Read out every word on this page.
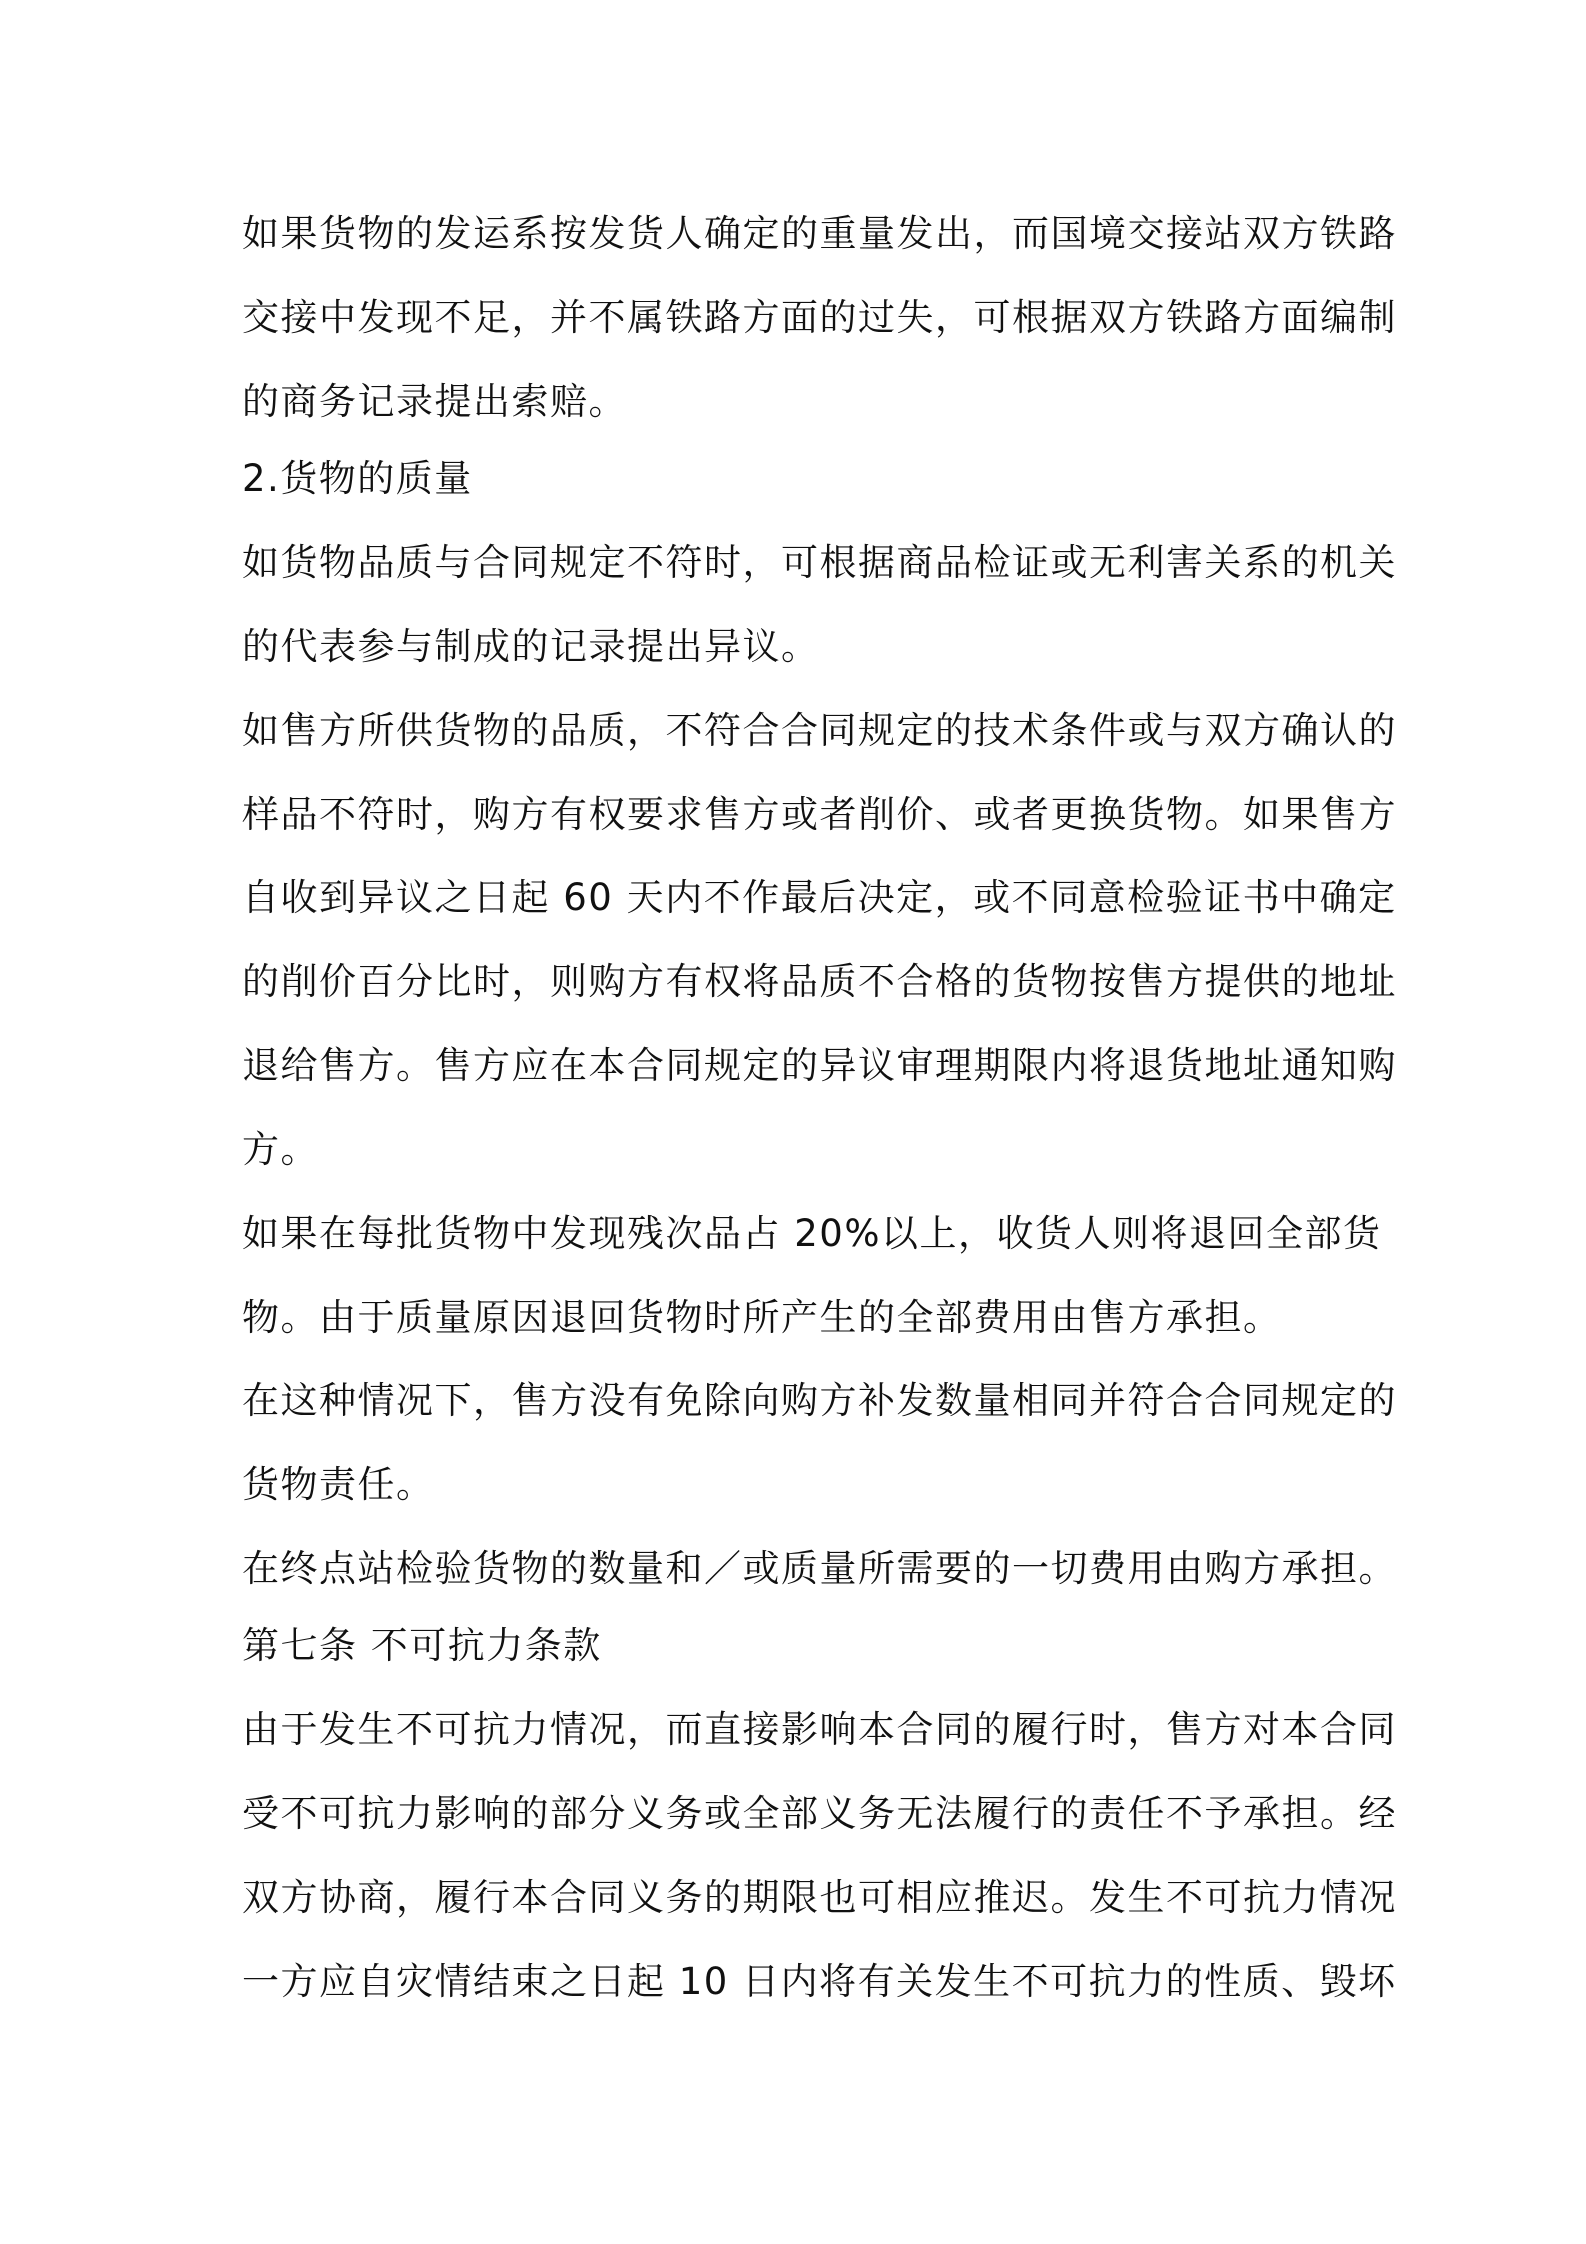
如果货物的发运系按发货人确定的重量发出，而国境交接站双方铁路
交接中发现不足，并不属铁路方面的过失，可根据双方铁路方面编制
的商务记录提出索赔。
2.货物的质量
如货物品质与合同规定不符时，可根据商品检证或无利害关系的机关
的代表参与制成的记录提出异议。
如售方所供货物的品质，不符合合同规定的技术条件或与双方确认的
样品不符时，购方有权要求售方或者削价、或者更换货物。如果售方
自收到异议之日起 60 天内不作最后决定，或不同意检验证书中确定
的削价百分比时，则购方有权将品质不合格的货物按售方提供的地址
退给售方。售方应在本合同规定的异议审理期限内将退货地址通知购
方。
如果在每批货物中发现残次品占 20%以上，收货人则将退回全部货
物。由于质量原因退回货物时所产生的全部费用由售方承担。
在这种情况下，售方没有免除向购方补发数量相同并符合合同规定的
货物责任。
在终点站检验货物的数量和／或质量所需要的一切费用由购方承担。
第七条 不可抗力条款
由于发生不可抗力情况，而直接影响本合同的履行时，售方对本合同
受不可抗力影响的部分义务或全部义务无法履行的责任不予承担。经
双方协商，履行本合同义务的期限也可相应推迟。发生不可抗力情况
一方应自灾情结束之日起 10 日内将有关发生不可抗力的性质、毁坏
